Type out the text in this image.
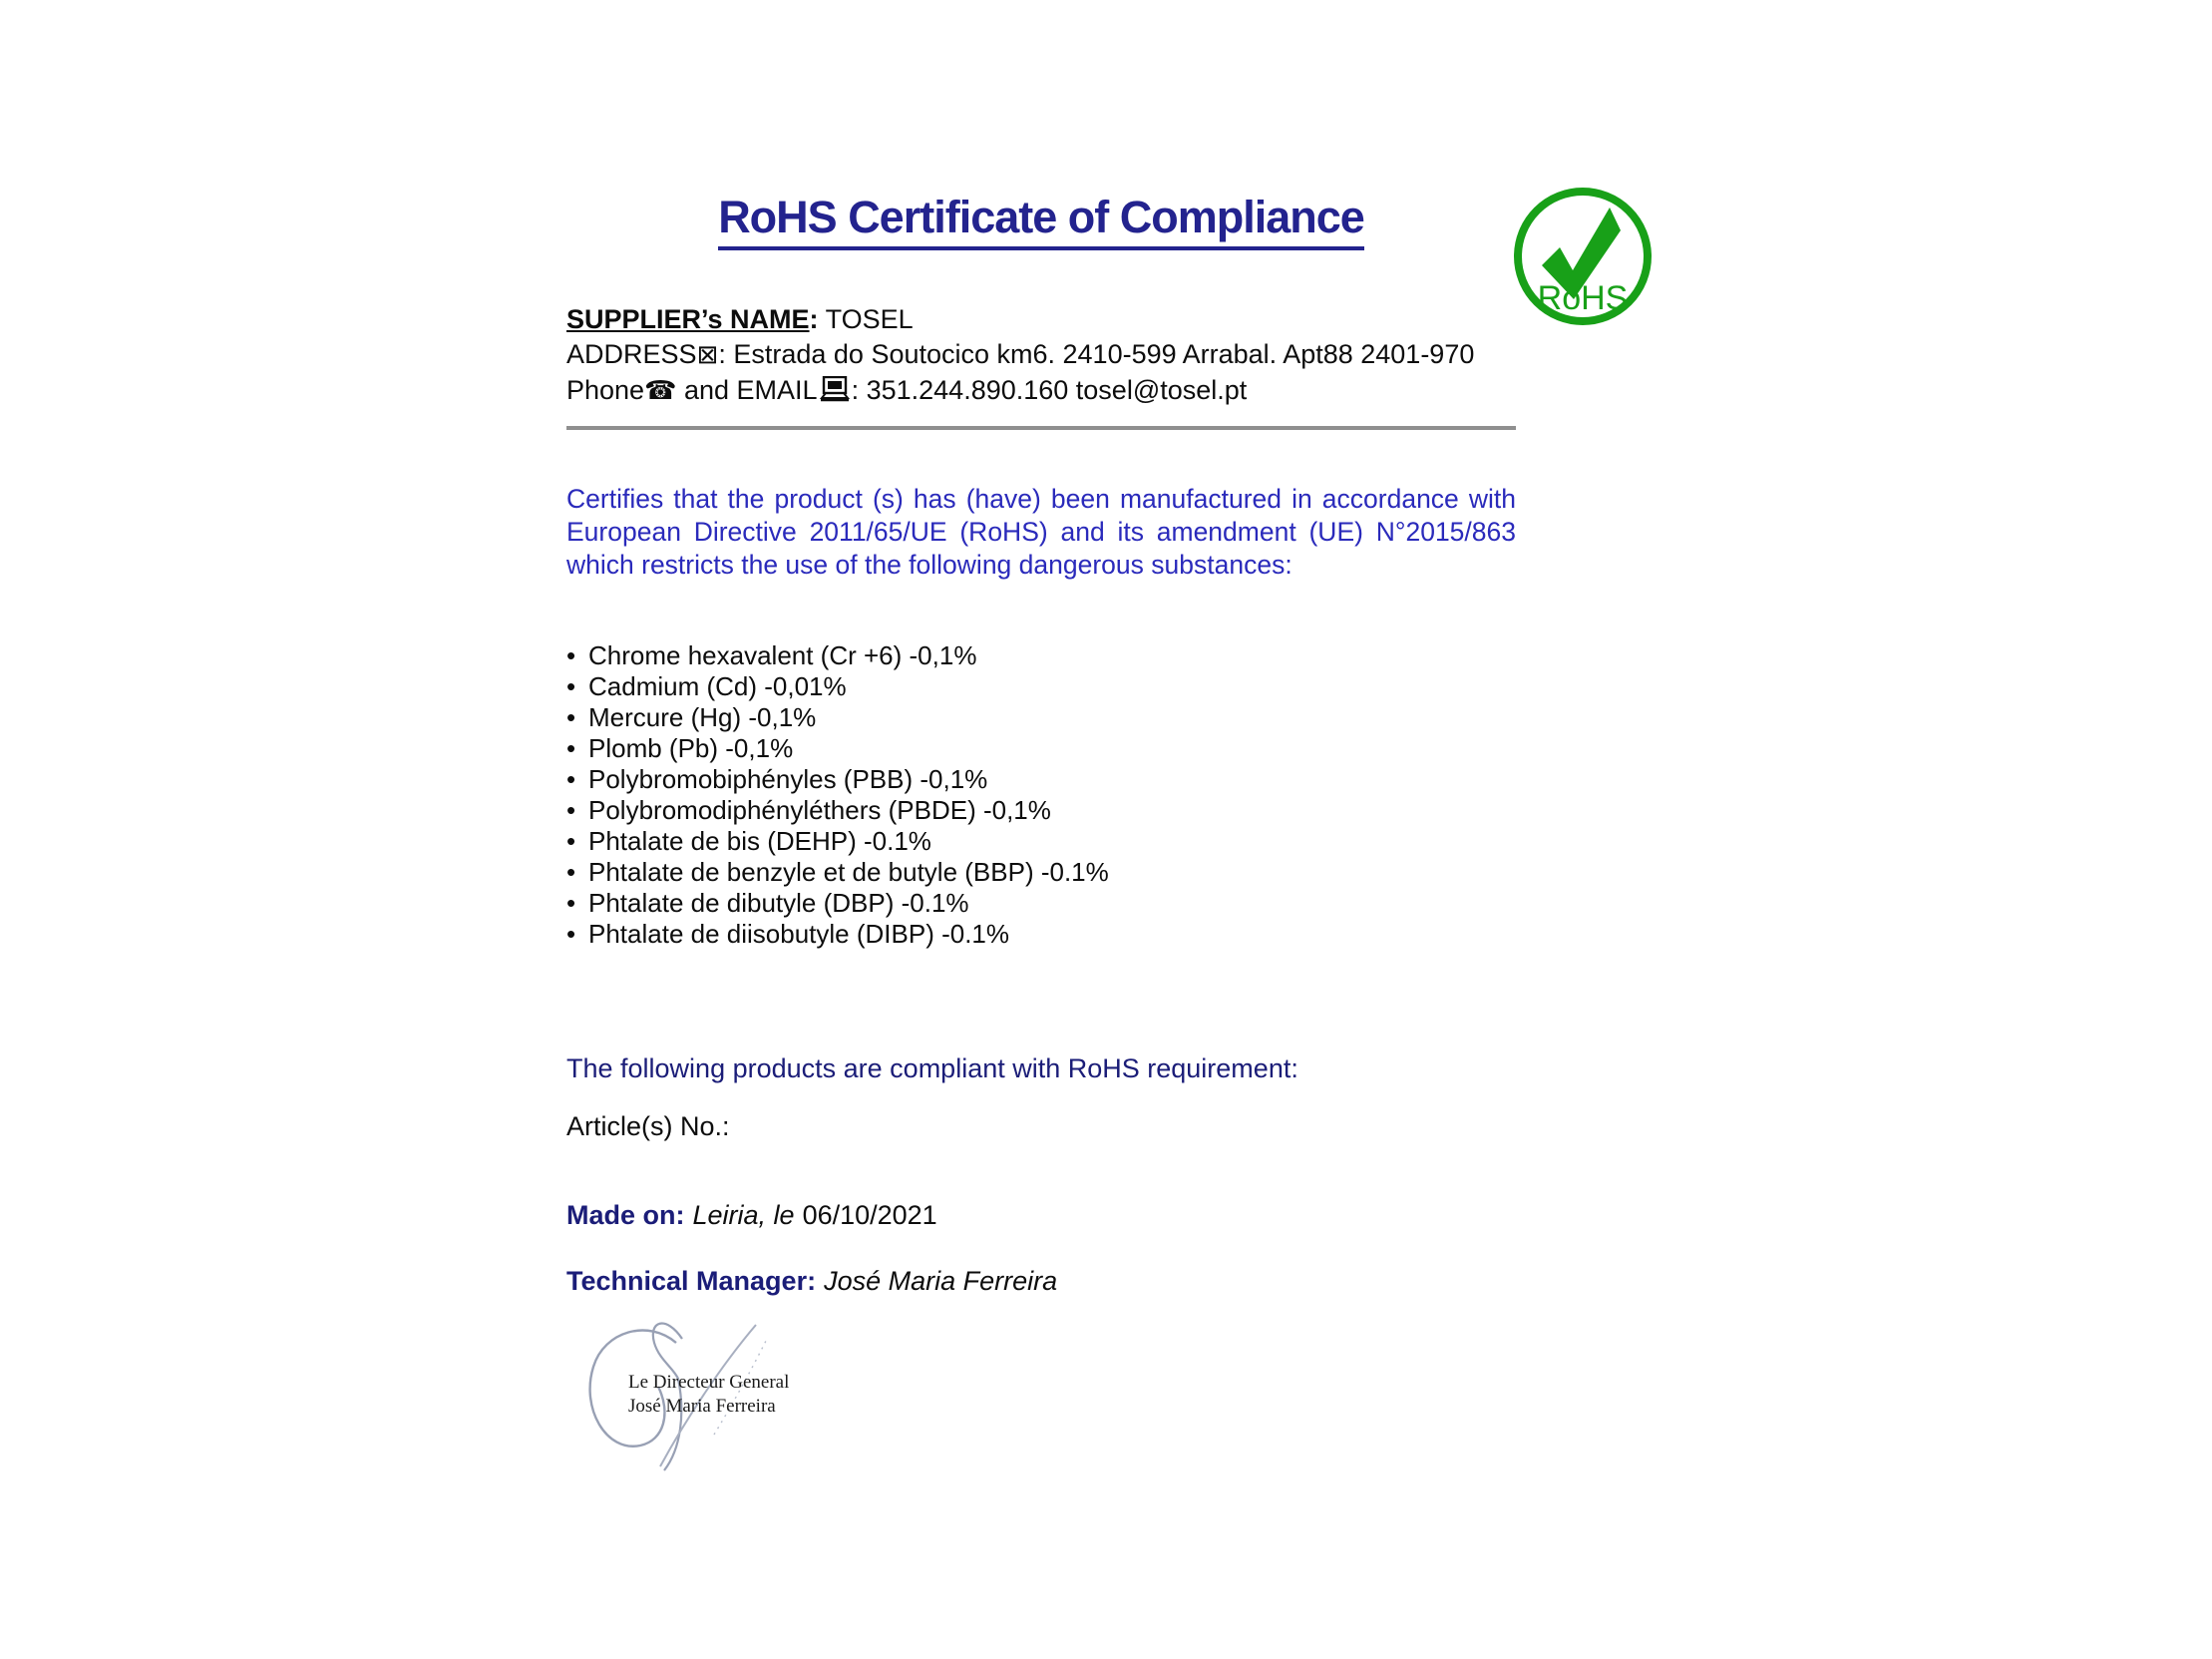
RoHS Certificate of Compliance
RoHS
SUPPLIER’s NAME: TOSEL
ADDRESS⊠: Estrada do Soutocico km6. 2410-599 Arrabal. Apt88 2401-970
Phone☎ and EMAIL : 351.244.890.160 tosel@tosel.pt
Certifies that the product (s) has (have) been manufactured in accordance with European Directive 2011/65/UE (RoHS) and its amendment (UE) N°2015/863 which restricts the use of the following dangerous substances:
• Chrome hexavalent (Cr +6) -0,1%
• Cadmium (Cd) -0,01%
• Mercure (Hg) -0,1%
• Plomb (Pb) -0,1%
• Polybromobiphényles (PBB) -0,1%
• Polybromodiphényléthers (PBDE) -0,1%
• Phtalate de bis (DEHP) -0.1%
• Phtalate de benzyle et de butyle (BBP) -0.1%
• Phtalate de dibutyle (DBP) -0.1%
• Phtalate de diisobutyle (DIBP) -0.1%
The following products are compliant with RoHS requirement:
Article(s) No.:
Made on: Leiria, le 06/10/2021
Technical Manager: José Maria Ferreira
Le Directeur General
José Maria Ferreira
